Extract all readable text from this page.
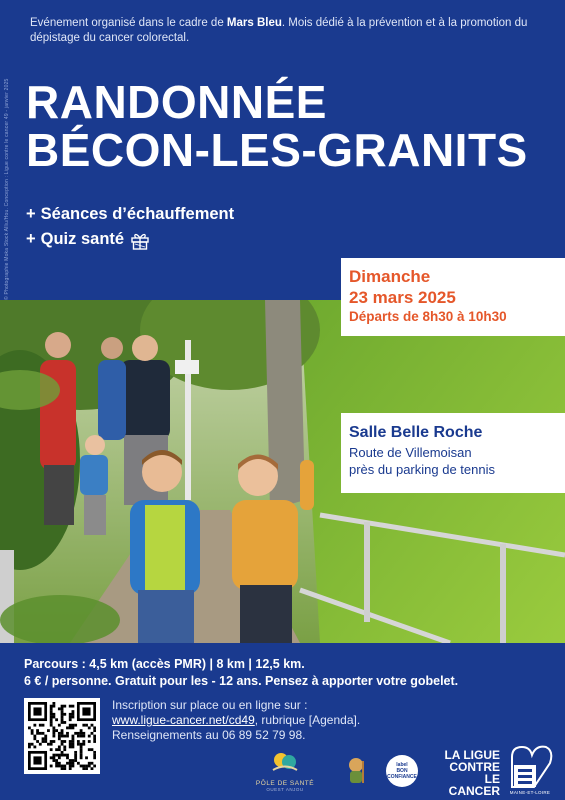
Evénement organisé dans le cadre de Mars Bleu. Mois dédié à la prévention et à la promotion du dépistage du cancer colorectal.
RANDONNÉE
BÉCON-LES-GRANITS
+ Séances d’échauffement
+ Quiz santé
© Photographie Moka Stock Alliu/Hou. Conception : Ligue contre le cancer 49 - janvier 2025	Dimanche
23 mars 2025
Départs de 8h30 à 10h30
Salle Belle Roche
Route de Villemoisan
près du parking de tennis
Parcours : 4,5 km (accès PMR) | 8 km | 12,5 km.
6 € / personne. Gratuit pour les - 12 ans. Pensez à apporter votre gobelet.
Inscription sur place ou en ligne sur :
www.ligue-cancer.net/cd49, rubrique [Agenda].
Renseignements au 06 89 52 79 98.
PÔLE DE SANTÉ
OUEST ANJOU
label
BON
CONFIANCE
LA LIGUE
CONTRE
LE CANCER	MAINE-ET-LOIRE
